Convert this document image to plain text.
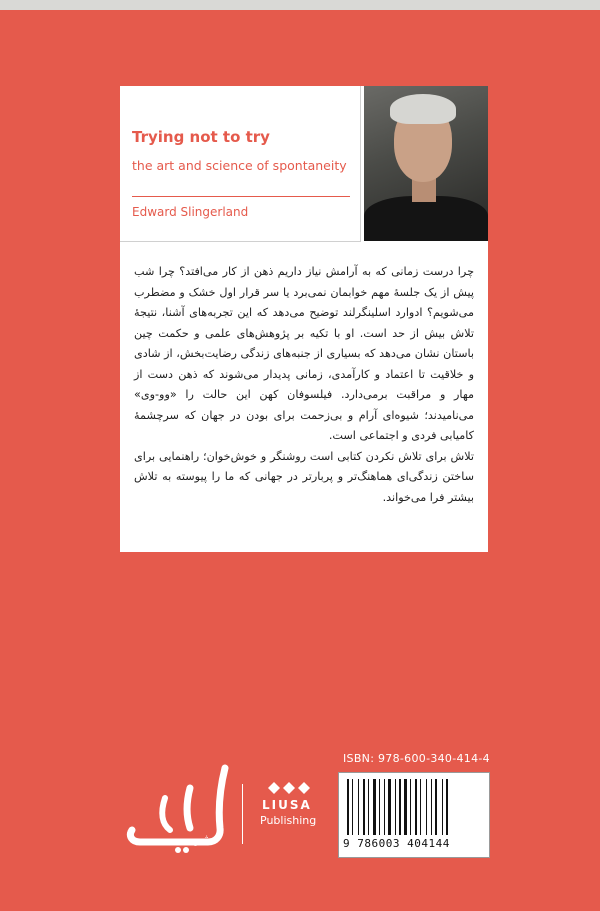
Trying not to try
the art and science of spontaneity
Edward Slingerland

چرا درست زمانی که به آرامش نیاز داریم ذهن از کار می‌افتد؟ چرا شب پیش از یک جلسهٔ مهم خوابمان نمی‌برد یا سر قرار اول خشک و مضطرب می‌شویم؟ ادوارد اسلینگرلند توضیح می‌دهد که این تجربه‌های آشنا، نتیجهٔ تلاش بیش از حد است. او با تکیه بر پژوهش‌های علمی و حکمت چین باستان نشان می‌دهد که بسیاری از جنبه‌های زندگی رضایت‌بخش، از شادی و خلاقیت تا اعتماد و کارآمدی، زمانی پدیدار می‌شوند که ذهن دست از مهار و مراقبت برمی‌دارد. فیلسوفان کهن این حالت را «وو-وی» می‌نامیدند؛ شیوه‌ای آرام و بی‌زحمت برای بودن در جهان که سرچشمهٔ کامیابی فردی و اجتماعی است.

تلاش برای تلاش نکردن کتابی است روشنگر و خوش‌خوان؛ راهنمایی برای ساختن زندگی‌ای هماهنگ‌تر و پربارتر در جهانی که ما را پیوسته به تلاش بیشتر فرا می‌خواند.

ISBN: 978-600-340-414-4
9 786003 404144
LIUSA
Publishing
نشر
